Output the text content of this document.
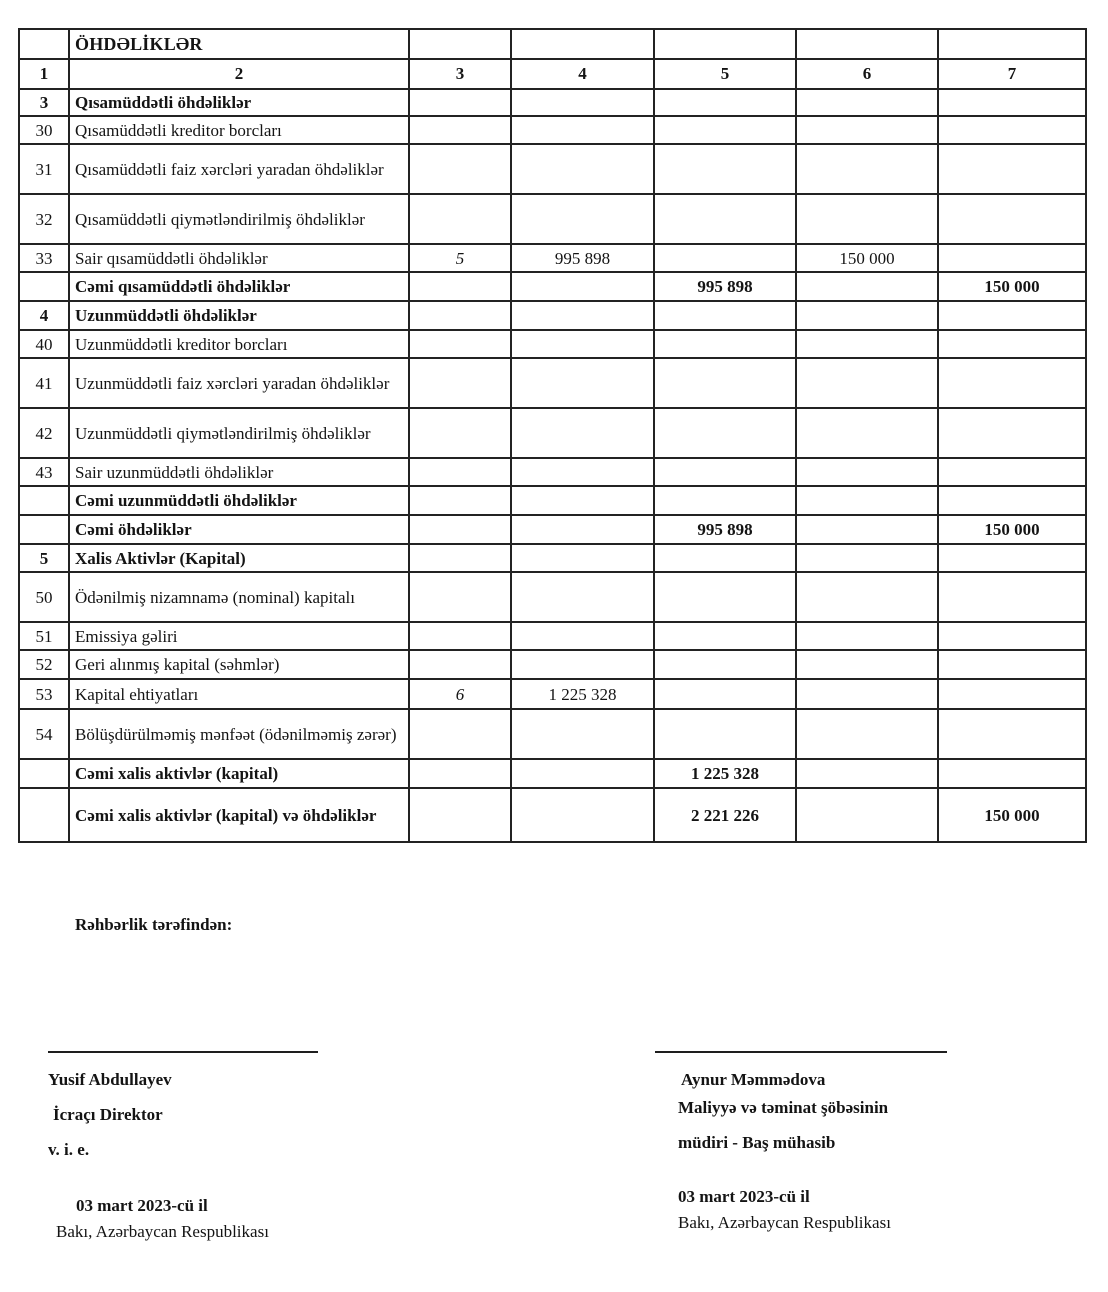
	ÖHDƏLİKLƏR					
1	2	3	4	5	6	7
3	Qısamüddətli öhdəliklər					
30	Qısamüddətli kreditor borcları					
31	Qısamüddətli faiz xərcləri yaradan öhdəliklər					
32	Qısamüddətli qiymətləndirilmiş öhdəliklər					
33	Sair qısamüddətli öhdəliklər	5	995 898		150 000	
	Cəmi qısamüddətli öhdəliklər			995 898		150 000
4	Uzunmüddətli öhdəliklər					
40	Uzunmüddətli kreditor borcları					
41	Uzunmüddətli faiz xərcləri yaradan öhdəliklər					
42	Uzunmüddətli qiymətləndirilmiş öhdəliklər					
43	Sair uzunmüddətli öhdəliklər					
	Cəmi uzunmüddətli öhdəliklər					
	Cəmi öhdəliklər			995 898		150 000
5	Xalis Aktivlər (Kapital)					
50	Ödənilmiş nizamnamə (nominal) kapitalı					
51	Emissiya gəliri					
52	Geri alınmış kapital (səhmlər)					
53	Kapital ehtiyatları	6	1 225 328			
54	Bölüşdürülməmiş mənfəət (ödənilməmiş zərər)					
	Cəmi xalis aktivlər (kapital)			1 225 328		
	Cəmi xalis aktivlər (kapital) və öhdəliklər			2 221 226		150 000
Rəhbərlik tərəfindən:
Yusif Abdullayev
İcraçı Direktor
v. i. e.
03 mart 2023-cü il
Bakı, Azərbaycan Respublikası
Aynur Məmmədova
Maliyyə və təminat şöbəsinin
müdiri - Baş mühasib
03 mart 2023-cü il
Bakı, Azərbaycan Respublikası
